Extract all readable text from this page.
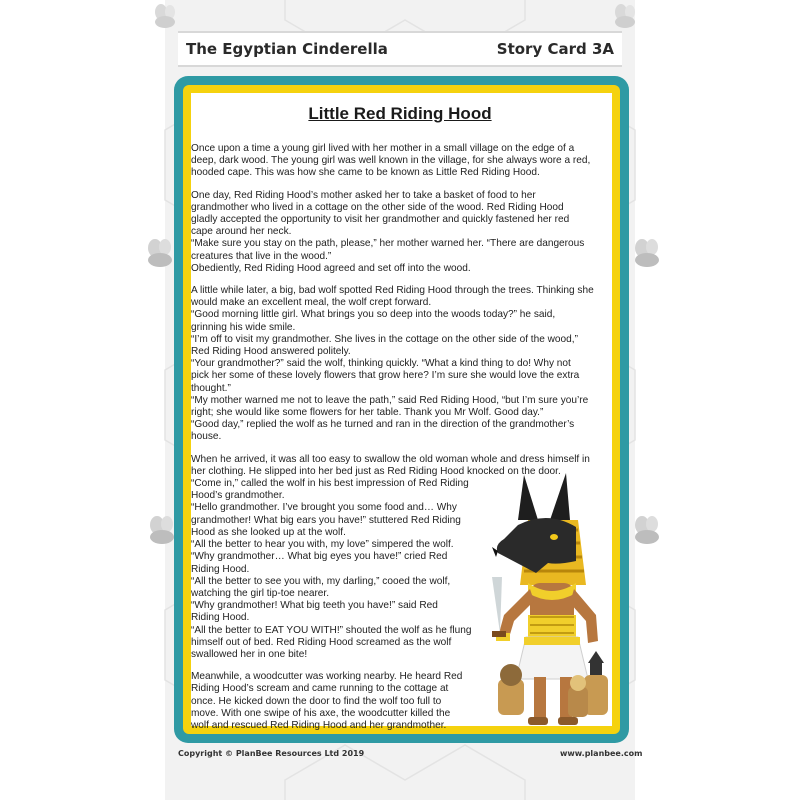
The Egyptian Cinderella	Story Card 3A
Little Red Riding Hood
Once upon a time a young girl lived with her mother in a small village on the edge of a
deep, dark wood. The young girl was well known in the village, for she always wore a red,
hooded cape. This was how she came to be known as Little Red Riding Hood.
One day, Red Riding Hood’s mother asked her to take a basket of food to her
grandmother who lived in a cottage on the other side of the wood. Red Riding Hood
gladly accepted the opportunity to visit her grandmother and quickly fastened her red
cape around her neck.
“Make sure you stay on the path, please,” her mother warned her. “There are dangerous
creatures that live in the wood.”
Obediently, Red Riding Hood agreed and set off into the wood.
A little while later, a big, bad wolf spotted Red Riding Hood through the trees. Thinking she
would make an excellent meal, the wolf crept forward.
“Good morning little girl. What brings you so deep into the woods today?” he said,
grinning his wide smile.
“I’m off to visit my grandmother. She lives in the cottage on the other side of the wood,”
Red Riding Hood answered politely.
“Your grandmother?” said the wolf, thinking quickly. “What a kind thing to do! Why not
pick her some of these lovely flowers that grow here? I’m sure she would love the extra
thought.”
“My mother warned me not to leave the path,” said Red Riding Hood, “but I’m sure you’re
right; she would like some flowers for her table. Thank you Mr Wolf. Good day.”
“Good day,” replied the wolf as he turned and ran in the direction of the grandmother’s
house.
When he arrived, it was all too easy to swallow the old woman whole and dress himself in
her clothing. He slipped into her bed just as Red Riding Hood knocked on the door.
“Come in,” called the wolf in his best impression of Red Riding
Hood’s grandmother.
“Hello grandmother. I’ve brought you some food and… Why
grandmother! What big ears you have!” stuttered Red Riding
Hood as she looked up at the wolf.
“All the better to hear you with, my love” simpered the wolf.
“Why grandmother… What big eyes you have!” cried Red
Riding Hood.
“All the better to see you with, my darling,” cooed the wolf,
watching the girl tip-toe nearer.
“Why grandmother! What big teeth you have!” said Red
Riding Hood.
“All the better to EAT YOU WITH!” shouted the wolf as he flung
himself out of bed. Red Riding Hood screamed as the wolf
swallowed her in one bite!
Meanwhile, a woodcutter was working nearby. He heard Red
Riding Hood’s scream and came running to the cottage at
once. He kicked down the door to find the wolf too full to
move. With one swipe of his axe, the woodcutter killed the
wolf and rescued Red Riding Hood and her grandmother.
Copyright © PlanBee Resources Ltd 2019	www.planbee.com
